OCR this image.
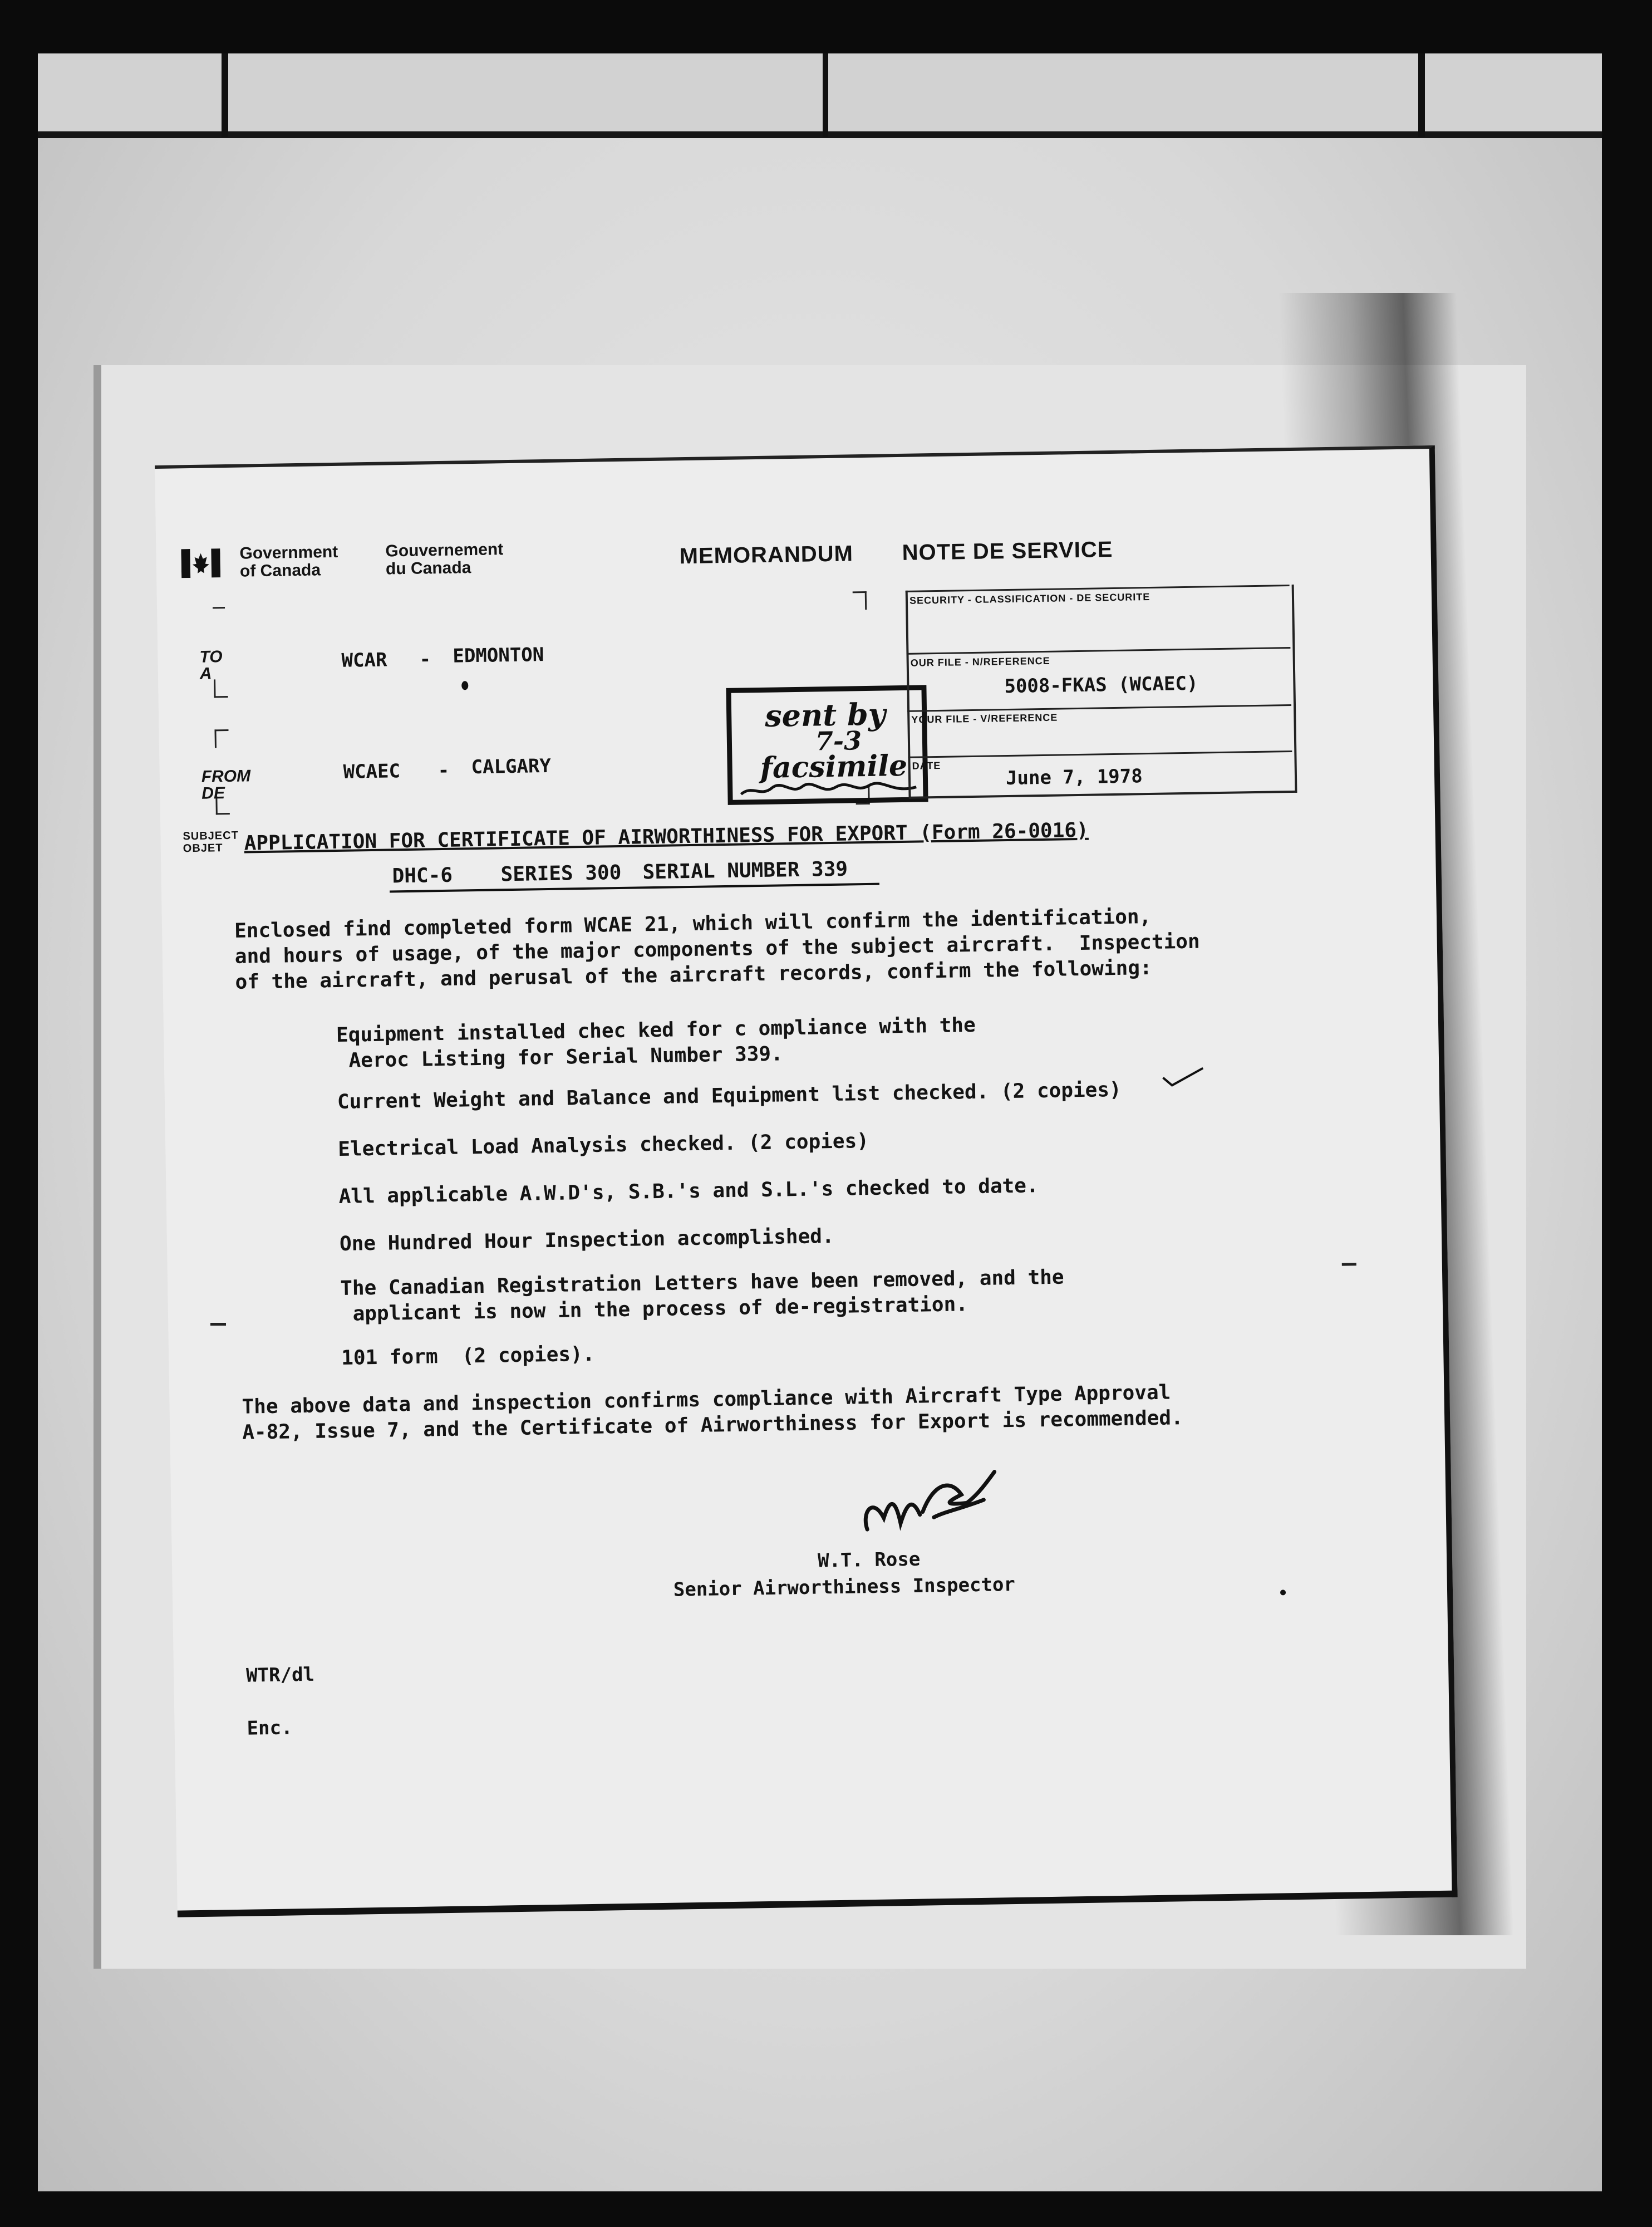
Government
of Canada
Gouvernement
du Canada	MEMORANDUM NOTE DE SERVICE
TO
A
WCAR - EDMONTON
FROM
DE
WCAEC - CALGARY
sent by
7-3
facsimile
SECURITY - CLASSIFICATION - DE SECURITE
OUR FILE - N/REFERENCE
5008-FKAS (WCAEC)
YOUR FILE - V/REFERENCE
DATE	June 7, 1978
SUBJECT OBJET	APPLICATION FOR CERTIFICATE OF AIRWORTHINESS FOR EXPORT (Form 26-0016)
DHC-6 SERIES 300 SERIAL NUMBER 339
Enclosed find completed form WCAE 21, which will confirm the identification,
and hours of usage, of the major components of the subject aircraft.  Inspection
of the aircraft, and perusal of the aircraft records, confirm the following:
Equipment installed chec ked for c ompliance with the
Aeroc Listing for Serial Number 339.
Current Weight and Balance and Equipment list checked. (2 copies)
Electrical Load Analysis checked. (2 copies)
All applicable A.W.D's, S.B.'s and S.L.'s checked to date.
One Hundred Hour Inspection accomplished.
The Canadian Registration Letters have been removed, and the
applicant is now in the process of de-registration.
101 form  (2 copies).
The above data and inspection confirms compliance with Aircraft Type Approval
A-82, Issue 7, and the Certificate of Airworthiness for Export is recommended.
W.T. Rose
Senior Airworthiness Inspector
WTR/dl
Enc.
